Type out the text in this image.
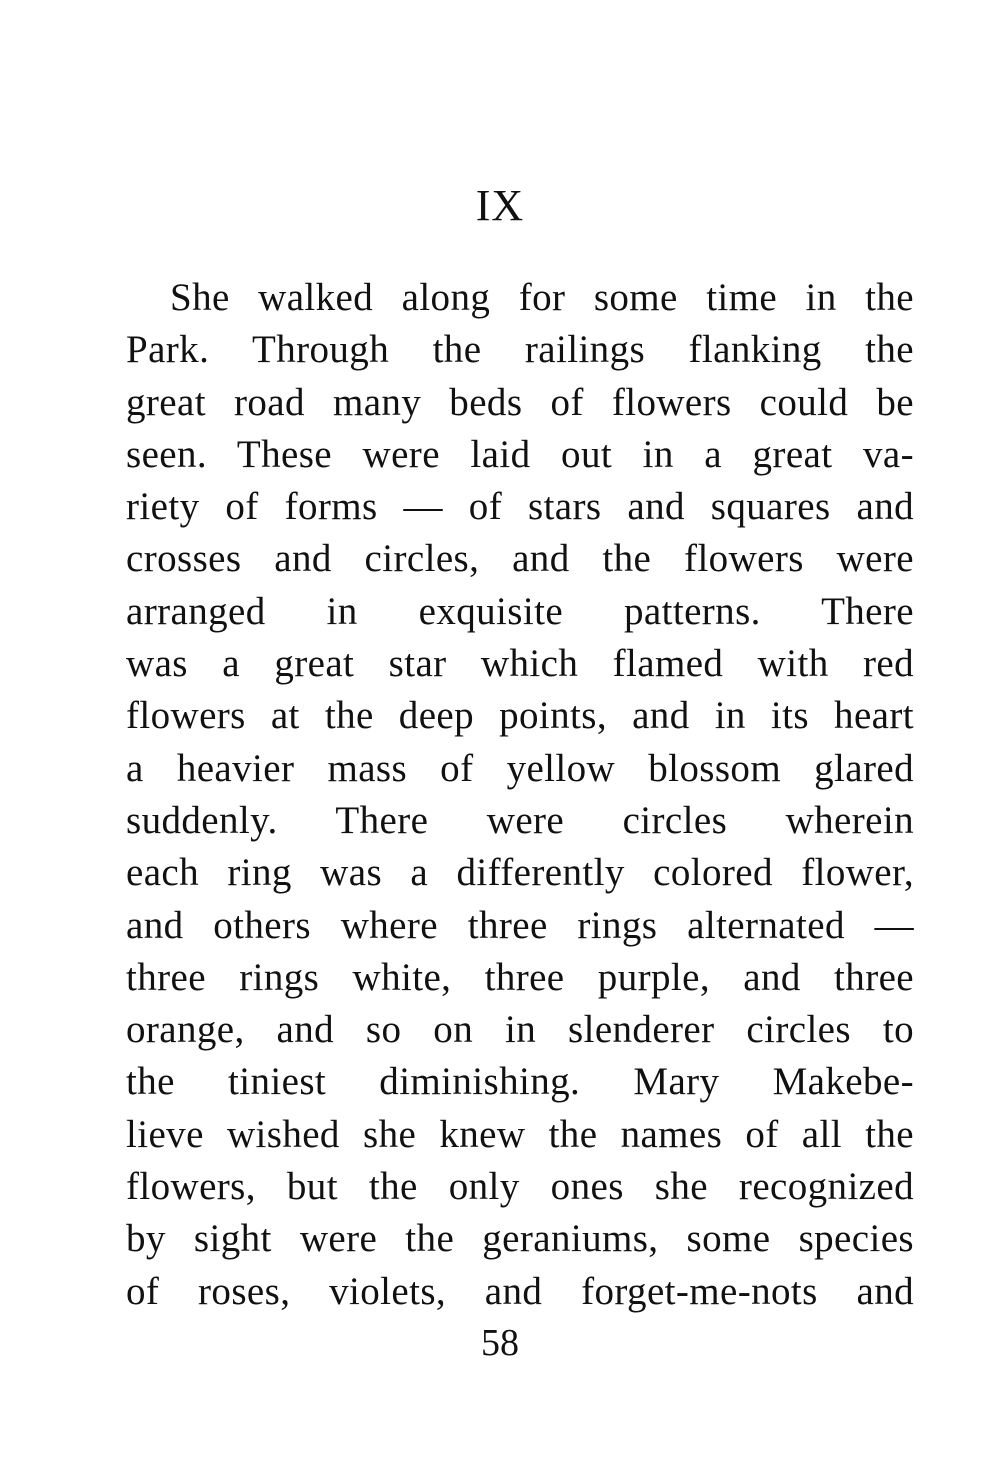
IX
She walked along for some time in the
Park. Through the railings flanking the
great road many beds of flowers could be
seen. These were laid out in a great va-
riety of forms — of stars and squares and
crosses and circles, and the flowers were
arranged in exquisite patterns. There
was a great star which flamed with red
flowers at the deep points, and in its heart
a heavier mass of yellow blossom glared
suddenly. There were circles wherein
each ring was a differently colored flower,
and others where three rings alternated —
three rings white, three purple, and three
orange, and so on in slenderer circles to
the tiniest diminishing. Mary Makebe-
lieve wished she knew the names of all the
flowers, but the only ones she recognized
by sight were the geraniums, some species
of roses, violets, and forget-me-nots and
58
